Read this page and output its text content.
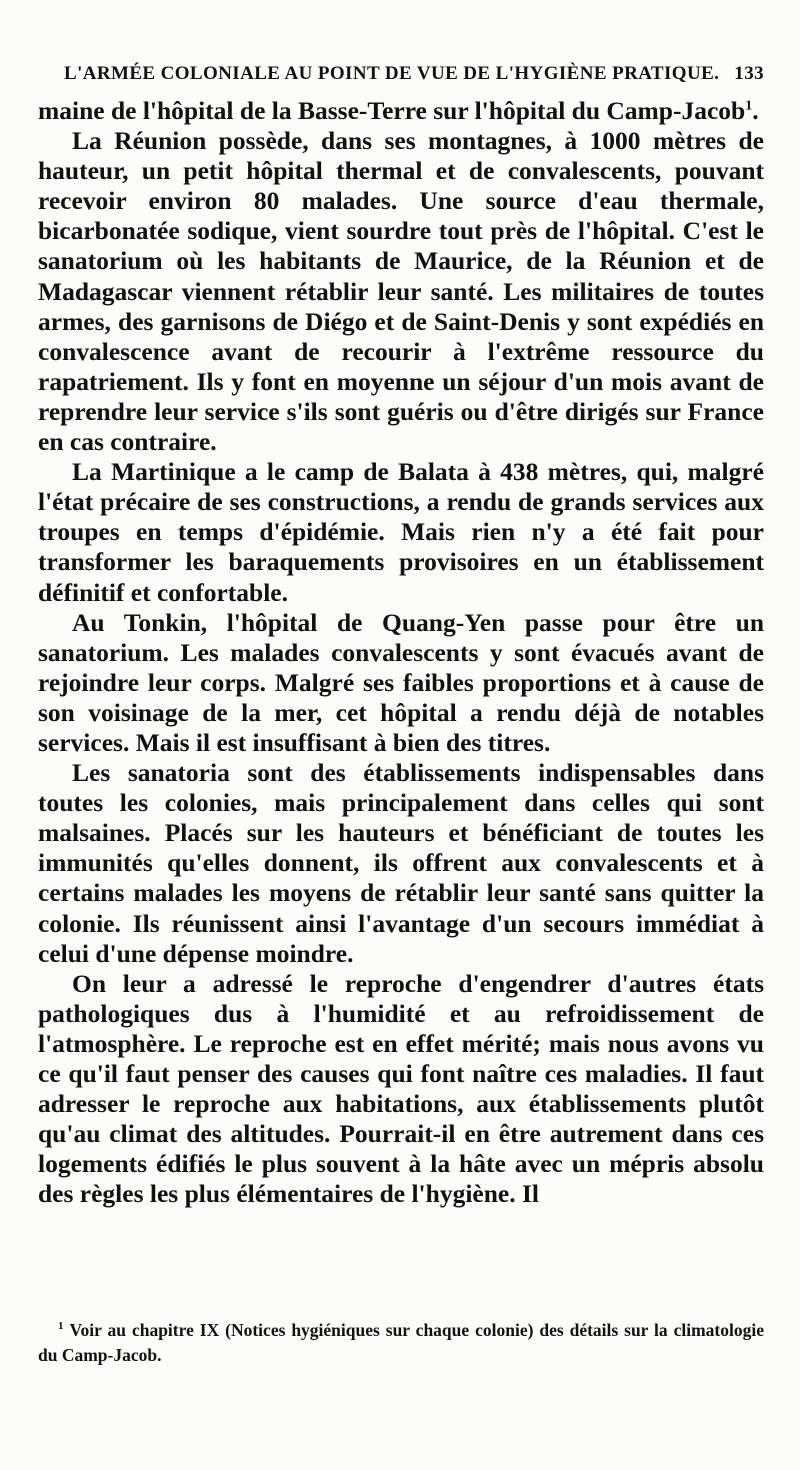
L'ARMÉE COLONIALE AU POINT DE VUE DE L'HYGIÈNE PRATIQUE. 133

maine de l'hôpital de la Basse-Terre sur l'hôpital du Camp-Jacob$^1$.

La Réunion possède, dans ses montagnes, à 1000 mètres de hauteur, un petit hôpital thermal et de convalescents, pouvant recevoir environ 80 malades. Une source d'eau thermale, bicarbonatée sodique, vient sourdre tout près de l'hôpital. C'est le sanatorium où les habitants de Maurice, de la Réunion et de Madagascar viennent rétablir leur santé. Les militaires de toutes armes, des garnisons de Diégo et de Saint-Denis y sont expédiés en convalescence avant de recourir à l'extrême ressource du rapatriement. Ils y font en moyenne un séjour d'un mois avant de reprendre leur service s'ils sont guéris ou d'être dirigés sur France en cas contraire.

La Martinique a le camp de Balata à 438 mètres, qui, malgré l'état précaire de ses constructions, a rendu de grands services aux troupes en temps d'épidémie. Mais rien n'y a été fait pour transformer les baraquements provisoires en un établissement définitif et confortable.

Au Tonkin, l'hôpital de Quang-Yen passe pour être un sanatorium. Les malades convalescents y sont évacués avant de rejoindre leur corps. Malgré ses faibles proportions et à cause de son voisinage de la mer, cet hôpital a rendu déjà de notables services. Mais il est insuffisant à bien des titres.

Les sanatoria sont des établissements indispensables dans toutes les colonies, mais principalement dans celles qui sont malsaines. Placés sur les hauteurs et bénéficiant de toutes les immunités qu'elles donnent, ils offrent aux convalescents et à certains malades les moyens de rétablir leur santé sans quitter la colonie. Ils réunissent ainsi l'avantage d'un secours immédiat à celui d'une dépense moindre.

On leur a adressé le reproche d'engendrer d'autres états pathologiques dus à l'humidité et au refroidissement de l'atmosphère. Le reproche est en effet mérité; mais nous avons vu ce qu'il faut penser des causes qui font naître ces maladies. Il faut adresser le reproche aux habitations, aux établissements plutôt qu'au climat des altitudes. Pourrait-il en être autrement dans ces logements édifiés le plus souvent à la hâte avec un mépris absolu des règles les plus élémentaires de l'hygiène. Il

$^1$ Voir au chapitre IX (Notices hygiéniques sur chaque colonie) des détails sur la climatologie du Camp-Jacob.
